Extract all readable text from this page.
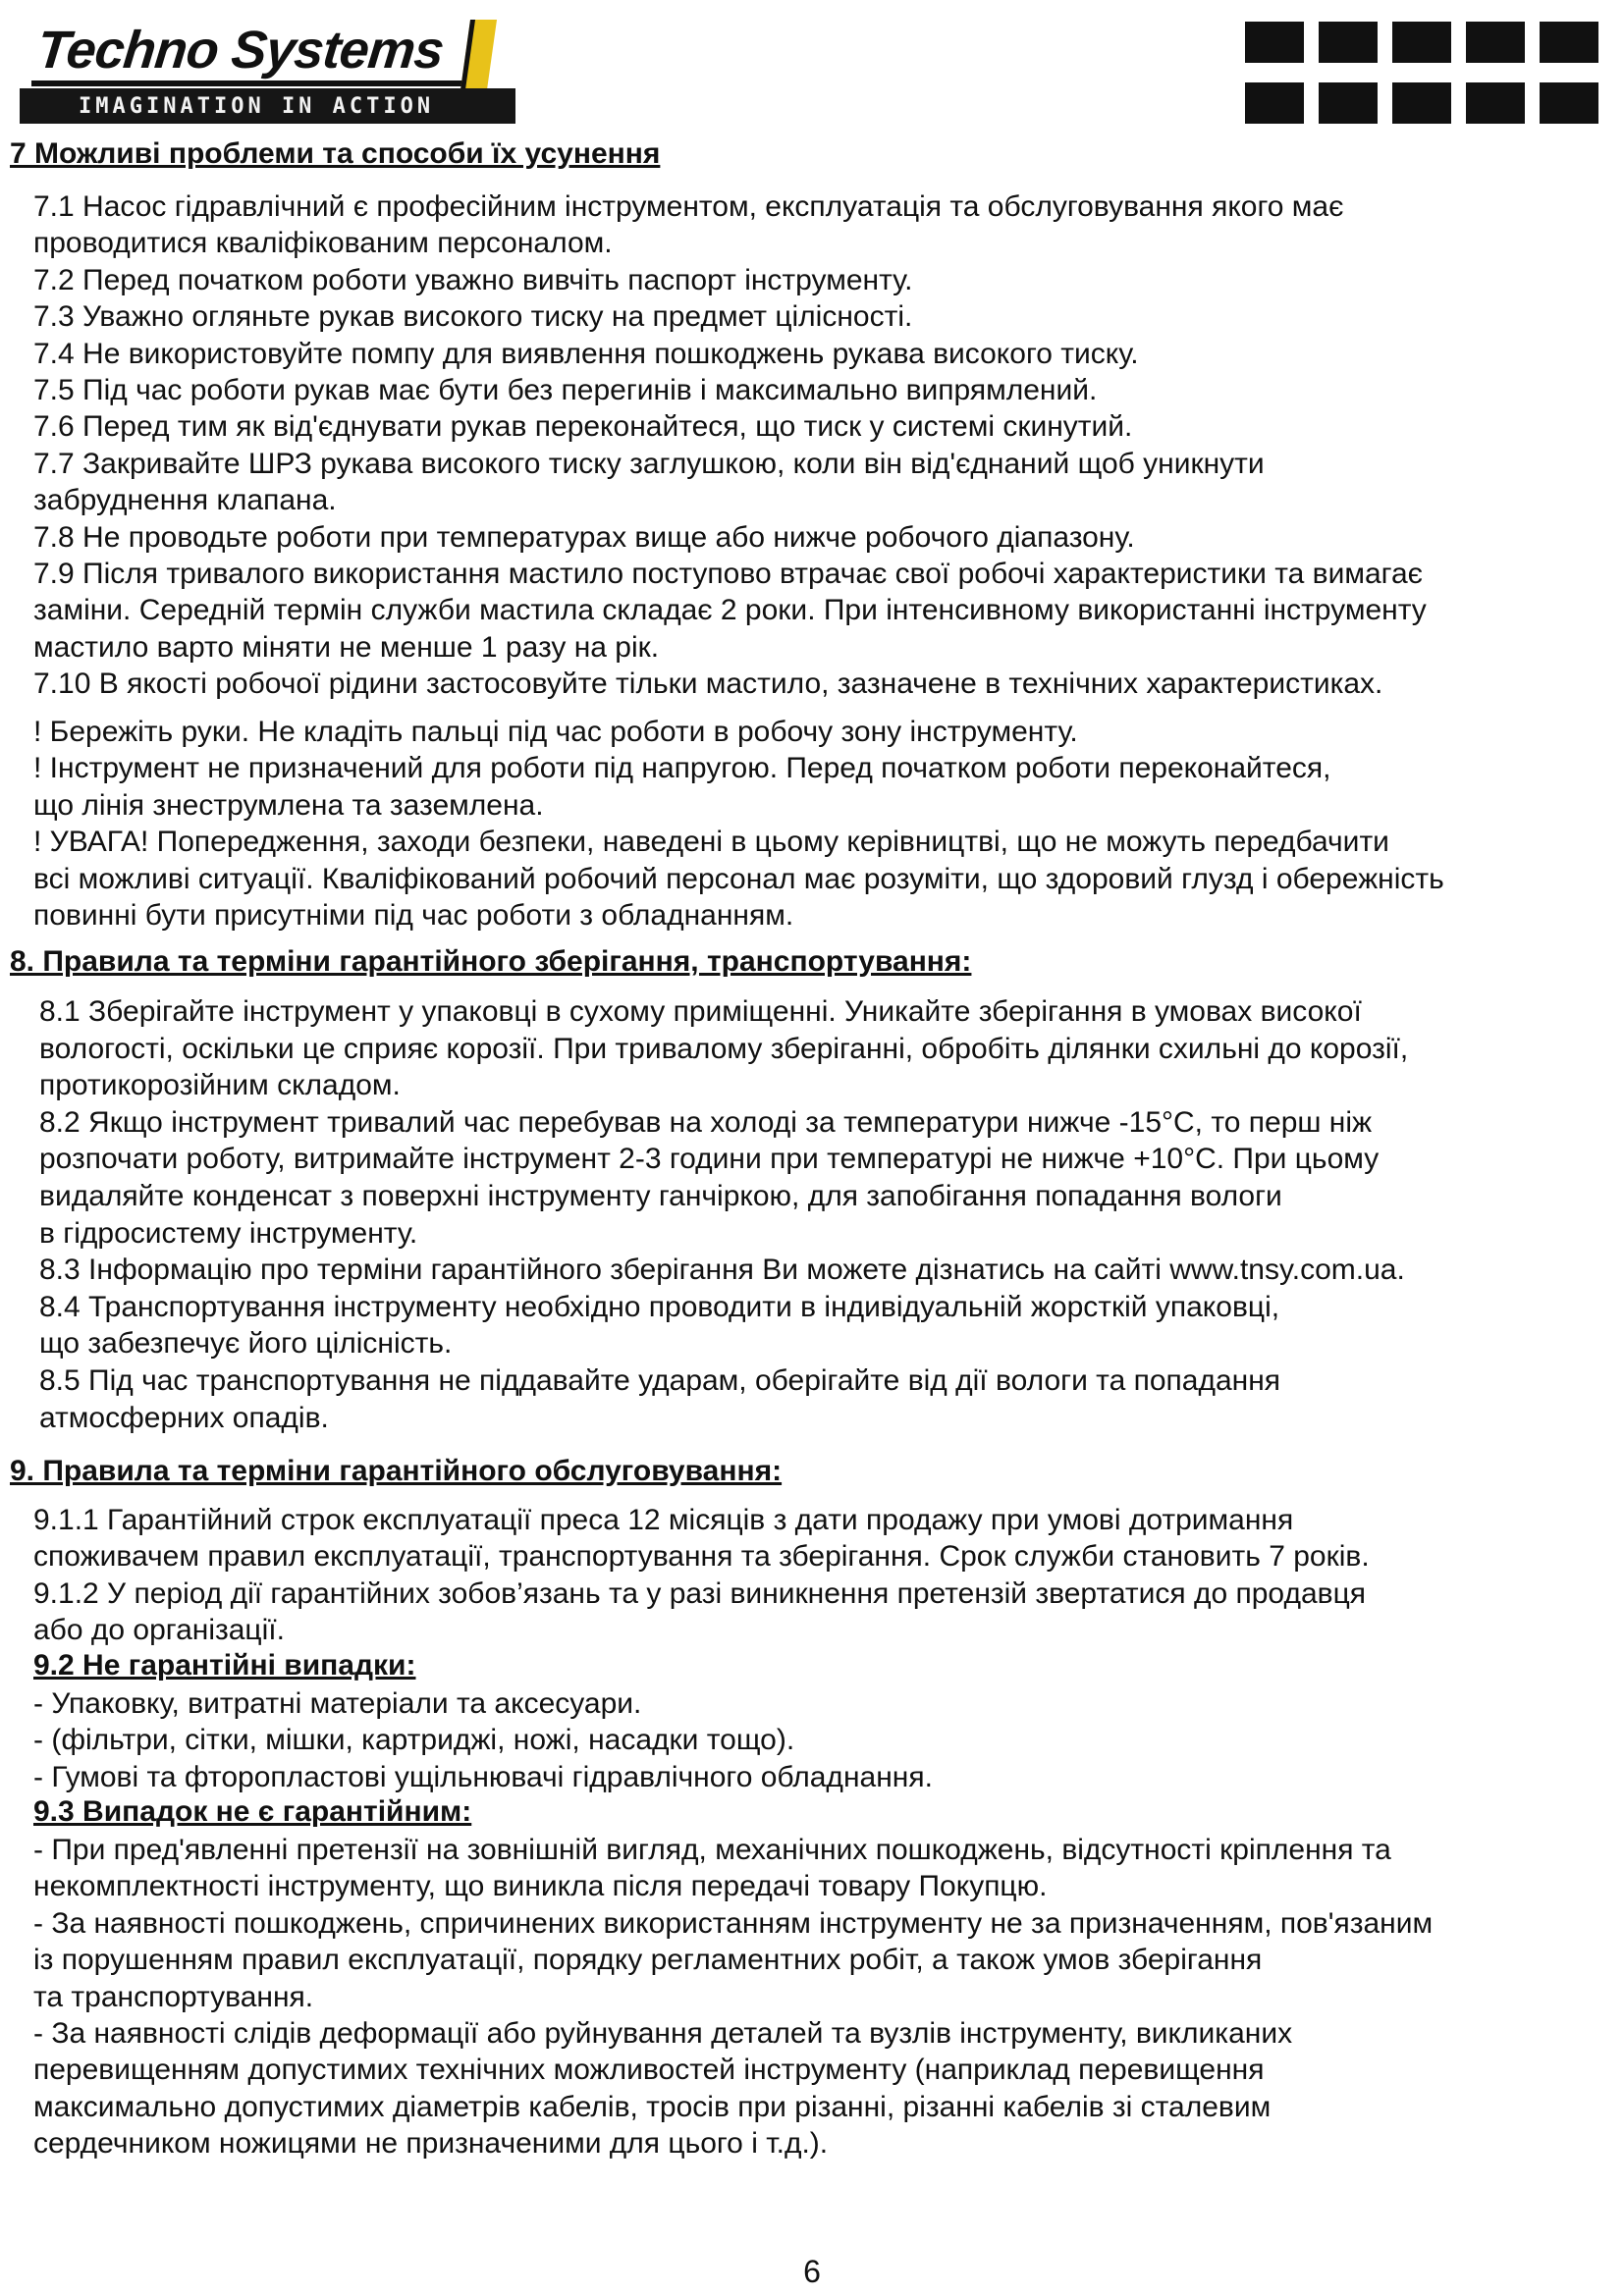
Techno Systems
IMAGINATION IN ACTION
7 Можливі проблеми та способи їх усунення
7.1 Насос гідравлічний є професійним інструментом, експлуатація та обслуговування якого має
проводитися кваліфікованим персоналом.
7.2 Перед початком роботи уважно вивчіть паспорт інструменту.
7.3 Уважно огляньте рукав високого тиску на предмет цілісності.
7.4 Не використовуйте помпу для виявлення пошкоджень рукава високого тиску.
7.5 Під час роботи рукав має бути без перегинів і максимально випрямлений.
7.6 Перед тим як від'єднувати рукав переконайтеся, що тиск у системі скинутий.
7.7 Закривайте ШРЗ рукава високого тиску заглушкою, коли він від'єднаний щоб уникнути
забруднення клапана.
7.8 Не проводьте роботи при температурах вище або нижче робочого діапазону.
7.9 Після тривалого використання мастило поступово втрачає свої робочі характеристики та вимагає
заміни. Середній термін служби мастила складає 2 роки. При інтенсивному використанні інструменту
мастило варто міняти не менше 1 разу на рік.
7.10 В якості робочої рідини застосовуйте тільки мастило, зазначене в технічних характеристиках.
! Бережіть руки. Не кладіть пальці під час роботи в робочу зону інструменту.
! Інструмент не призначений для роботи під напругою. Перед початком роботи переконайтеся,
що лінія знеструмлена та заземлена.
! УВАГА! Попередження, заходи безпеки, наведені в цьому керівництві, що не можуть передбачити
всі можливі ситуації. Кваліфікований робочий персонал має розуміти, що здоровий глузд і обережність
повинні бути присутніми під час роботи з обладнанням.
8. Правила та терміни гарантійного зберігання, транспортування:
8.1 Зберігайте інструмент у упаковці в сухому приміщенні. Уникайте зберігання в умовах високої
вологості, оскільки це сприяє корозії. При тривалому зберіганні, обробіть ділянки схильні до корозії,
протикорозійним складом.
8.2 Якщо інструмент тривалий час перебував на холоді за температури нижче -15°С, то перш ніж
розпочати роботу, витримайте інструмент 2-3 години при температурі не нижче +10°С. При цьому
видаляйте конденсат з поверхні інструменту ганчіркою, для запобігання попадання вологи
в гідросистему інструменту.
8.3 Інформацію про терміни гарантійного зберігання Ви можете дізнатись на сайті www.tnsy.com.ua.
8.4 Транспортування інструменту необхідно проводити в індивідуальній жорсткій упаковці,
що забезпечує його цілісність.
8.5 Під час транспортування не піддавайте ударам, оберігайте від дії вологи та попадання
атмосферних опадів.
9. Правила та терміни гарантійного обслуговування:
9.1.1 Гарантійний строк експлуатації преса 12 місяців з дати продажу при умові дотримання
споживачем правил експлуатації, транспортування та зберігання. Срок служби становить 7 років.
9.1.2 У період дії гарантійних зобов’язань та у разі виникнення претензій звертатися до продавця
або до організації.
9.2 Не гарантійні випадки:
- Упаковку, витратні матеріали та аксесуари.
- (фільтри, сітки, мішки, картриджі, ножі, насадки тощо).
- Гумові та фторопластові ущільнювачі гідравлічного обладнання.
9.3 Випадок не є гарантійним:
- При пред'явленні претензії на зовнішній вигляд, механічних пошкоджень, відсутності кріплення та
некомплектності інструменту, що виникла після передачі товару Покупцю.
- За наявності пошкоджень, спричинених використанням інструменту не за призначенням, пов'язаним
із порушенням правил експлуатації, порядку регламентних робіт, а також умов зберігання
та транспортування.
- За наявності слідів деформації або руйнування деталей та вузлів інструменту, викликаних
перевищенням допустимих технічних можливостей інструменту (наприклад перевищення
максимально допустимих діаметрів кабелів, тросів при різанні, різанні кабелів зі сталевим
сердечником ножицями не призначеними для цього і т.д.).
6
